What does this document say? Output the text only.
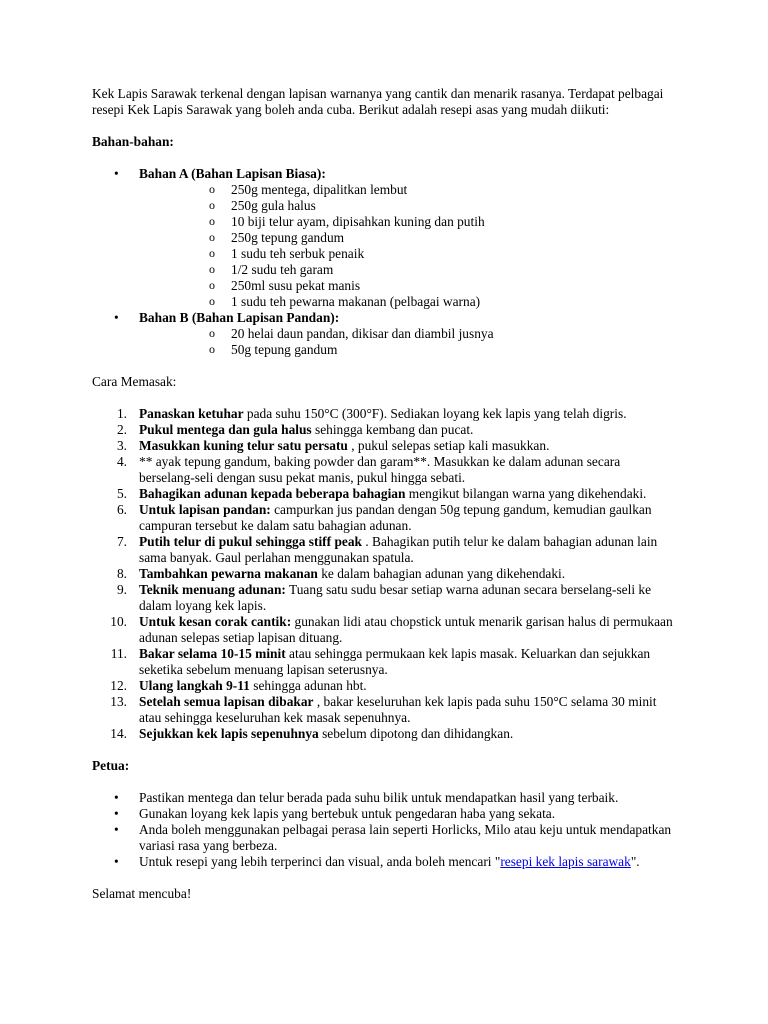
Kek Lapis Sarawak terkenal dengan lapisan warnanya yang cantik dan menarik rasanya. Terdapat pelbagai resepi Kek Lapis Sarawak yang boleh anda cuba. Berikut adalah resepi asas yang mudah diikuti:

Bahan-bahan:

• Bahan A (Bahan Lapisan Biasa):
o 250g mentega, dipalitkan lembut
o 250g gula halus
o 10 biji telur ayam, dipisahkan kuning dan putih
o 250g tepung gandum
o 1 sudu teh serbuk penaik
o 1/2 sudu teh garam
o 250ml susu pekat manis
o 1 sudu teh pewarna makanan (pelbagai warna)
• Bahan B (Bahan Lapisan Pandan):
o 20 helai daun pandan, dikisar dan diambil jusnya
o 50g tepung gandum

Cara Memasak:

1. Panaskan ketuhar pada suhu 150°C (300°F). Sediakan loyang kek lapis yang telah digris.
2. Pukul mentega dan gula halus sehingga kembang dan pucat.
3. Masukkan kuning telur satu persatu , pukul selepas setiap kali masukkan.
4. ** ayak tepung gandum, baking powder dan garam**. Masukkan ke dalam adunan secara berselang-seli dengan susu pekat manis, pukul hingga sebati.
5. Bahagikan adunan kepada beberapa bahagian mengikut bilangan warna yang dikehendaki.
6. Untuk lapisan pandan: campurkan jus pandan dengan 50g tepung gandum, kemudian gaulkan campuran tersebut ke dalam satu bahagian adunan.
7. Putih telur di pukul sehingga stiff peak . Bahagikan putih telur ke dalam bahagian adunan lain sama banyak. Gaul perlahan menggunakan spatula.
8. Tambahkan pewarna makanan ke dalam bahagian adunan yang dikehendaki.
9. Teknik menuang adunan: Tuang satu sudu besar setiap warna adunan secara berselang-seli ke dalam loyang kek lapis.
10. Untuk kesan corak cantik: gunakan lidi atau chopstick untuk menarik garisan halus di permukaan adunan selepas setiap lapisan dituang.
11. Bakar selama 10-15 minit atau sehingga permukaan kek lapis masak. Keluarkan dan sejukkan seketika sebelum menuang lapisan seterusnya.
12. Ulang langkah 9-11 sehingga adunan hbt.
13. Setelah semua lapisan dibakar , bakar keseluruhan kek lapis pada suhu 150°C selama 30 minit atau sehingga keseluruhan kek masak sepenuhnya.
14. Sejukkan kek lapis sepenuhnya sebelum dipotong dan dihidangkan.

Petua:

• Pastikan mentega dan telur berada pada suhu bilik untuk mendapatkan hasil yang terbaik.
• Gunakan loyang kek lapis yang bertebuk untuk pengedaran haba yang sekata.
• Anda boleh menggunakan pelbagai perasa lain seperti Horlicks, Milo atau keju untuk mendapatkan variasi rasa yang berbeza.
• Untuk resepi yang lebih terperinci dan visual, anda boleh mencari "resepi kek lapis sarawak".

Selamat mencuba!
